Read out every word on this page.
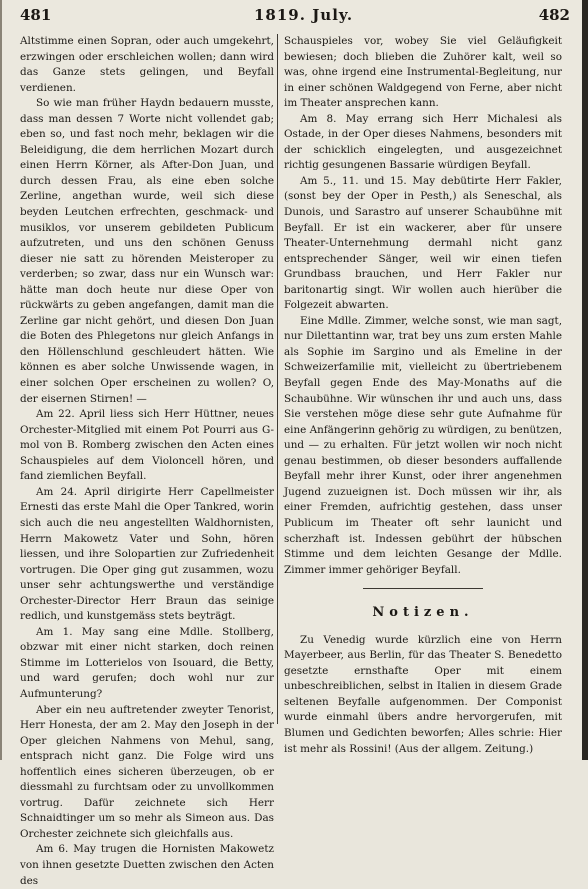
481	1819. July.	482

Altstimme einen Sopran, oder auch umgekehrt, erzwingen oder erschleichen wollen; dann wird das Ganze stets gelingen, und Beyfall verdienen.

So wie man früher Haydn bedauern musste, dass man dessen 7 Worte nicht vollendet gab; eben so, und fast noch mehr, beklagen wir die Beleidigung, die dem herrlichen Mozart durch einen Herrn Körner, als After-Don Juan, und durch dessen Frau, als eine eben solche Zerline, angethan wurde, weil sich diese beyden Leutchen erfrechten, geschmack- und musiklos, vor unserem gebildeten Publicum aufzutreten, und uns den schönen Genuss dieser nie satt zu hörenden Meisteroper zu verderben; so zwar, dass nur ein Wunsch war: hätte man doch heute nur diese Oper von rückwärts zu geben angefangen, damit man die Zerline gar nicht gehört, und diesen Don Juan die Boten des Phlegetons nur gleich Anfangs in den Höllenschlund geschleudert hätten. Wie können es aber solche Unwissende wagen, in einer solchen Oper erscheinen zu wollen? O, der eisernen Stirnen! —

Am 22. April liess sich Herr Hüttner, neues Orchester-Mitglied mit einem Pot Pourri aus G-mol von B. Romberg zwischen den Acten eines Schauspieles auf dem Violoncell hören, und fand ziemlichen Beyfall.

Am 24. April dirigirte Herr Capellmeister Ernesti das erste Mahl die Oper Tankred, worin sich auch die neu angestellten Waldhornisten, Herrn Makowetz Vater und Sohn, hören liessen, und ihre Solopartien zur Zufriedenheit vortrugen. Die Oper ging gut zusammen, wozu unser sehr achtungswerthe und verständige Orchester-Director Herr Braun das seinige redlich, und kunstgemäss stets beyträgt.

Am 1. May sang eine Mdlle. Stollberg, obzwar mit einer nicht starken, doch reinen Stimme im Lotterielos von Isouard, die Betty, und ward gerufen; doch wohl nur zur Aufmunterung?

Aber ein neu auftretender zweyter Tenorist, Herr Honesta, der am 2. May den Joseph in der Oper gleichen Nahmens von Mehul, sang, entsprach nicht ganz. Die Folge wird uns hoffentlich eines sicheren überzeugen, ob er diessmahl zu furchtsam oder zu unvollkommen vortrug. Dafür zeichnete sich Herr Schnaidtinger um so mehr als Simeon aus. Das Orchester zeichnete sich gleichfalls aus.

Am 6. May trugen die Hornisten Makowetz von ihnen gesetzte Duetten zwischen den Acten des

Schauspieles vor, wobey Sie viel Geläufigkeit bewiesen; doch blieben die Zuhörer kalt, weil so was, ohne irgend eine Instrumental-Begleitung, nur in einer schönen Waldgegend von Ferne, aber nicht im Theater ansprechen kann.

Am 8. May errang sich Herr Michalesi als Ostade, in der Oper dieses Nahmens, besonders mit der schicklich eingelegten, und ausgezeichnet richtig gesungenen Bassarie würdigen Beyfall.

Am 5., 11. und 15. May debütirte Herr Fakler, (sonst bey der Oper in Pesth,) als Seneschal, als Dunois, und Sarastro auf unserer Schaubühne mit Beyfall. Er ist ein wackerer, aber für unsere Theater-Unternehmung dermahl nicht ganz entsprechender Sänger, weil wir einen tiefen Grundbass brauchen, und Herr Fakler nur baritonartig singt. Wir wollen auch hierüber die Folgezeit abwarten.

Eine Mdlle. Zimmer, welche sonst, wie man sagt, nur Dilettantinn war, trat bey uns zum ersten Mahle als Sophie im Sargino und als Emeline in der Schweizerfamilie mit, vielleicht zu übertriebenem Beyfall gegen Ende des May-Monaths auf die Schaubühne. Wir wünschen ihr und auch uns, dass Sie verstehen möge diese sehr gute Aufnahme für eine Anfängerinn gehörig zu würdigen, zu benützen, und — zu erhalten. Für jetzt wollen wir noch nicht genau bestimmen, ob dieser besonders auffallende Beyfall mehr ihrer Kunst, oder ihrer angenehmen Jugend zuzueignen ist. Doch müssen wir ihr, als einer Fremden, aufrichtig gestehen, dass unser Publicum im Theater oft sehr launicht und scherzhaft ist. Indessen gebührt der hübschen Stimme und dem leichten Gesange der Mdlle. Zimmer immer gehöriger Beyfall.

Notizen.

Zu Venedig wurde kürzlich eine von Herrn Mayerbeer, aus Berlin, für das Theater S. Benedetto gesetzte ernsthafte Oper mit einem unbeschreiblichen, selbst in Italien in diesem Grade seltenen Beyfalle aufgenommen. Der Componist wurde einmahl übers andre hervorgerufen, mit Blumen und Gedichten beworfen; Alles schrie: Hier ist mehr als Rossini! (Aus der allgem. Zeitung.)
